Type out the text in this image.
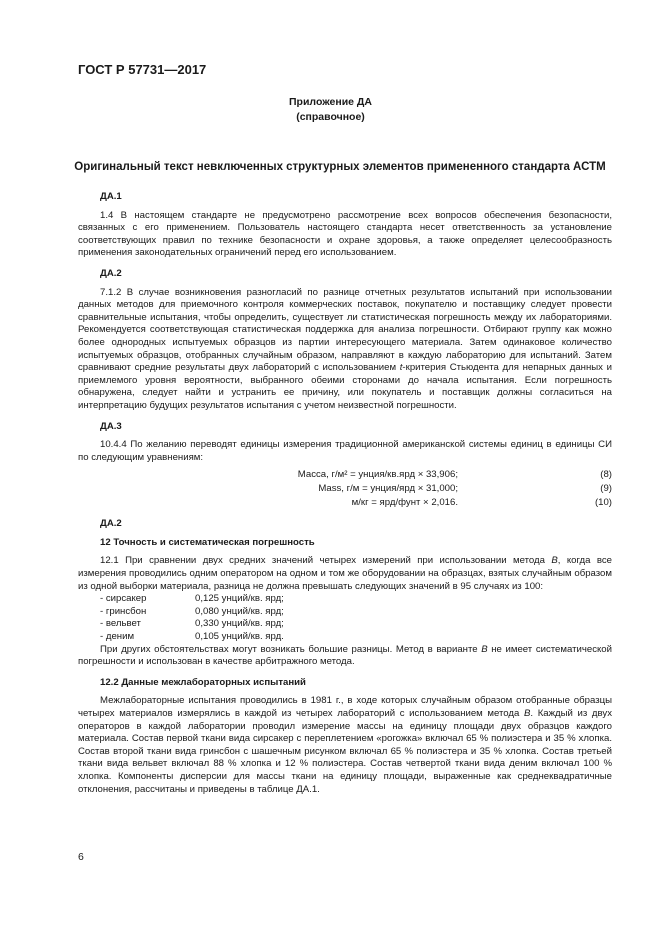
ГОСТ Р 57731—2017
Приложение ДА
(справочное)
Оригинальный текст невключенных структурных элементов примененного стандарта АСТМ

ДА.1

1.4 В настоящем стандарте не предусмотрено рассмотрение всех вопросов обеспечения безопасности, связанных с его применением. Пользователь настоящего стандарта несет ответственность за установление соответствующих правил по технике безопасности и охране здоровья, а также определяет целесообразность применения законодательных ограничений перед его использованием.

ДА.2

7.1.2 В случае возникновения разногласий по разнице отчетных результатов испытаний при использовании данных методов для приемочного контроля коммерческих поставок, покупателю и поставщику следует провести сравнительные испытания, чтобы определить, существует ли статистическая погрешность между их лабораториями. Рекомендуется соответствующая статистическая поддержка для анализа погрешности. Отбирают группу как можно более однородных испытуемых образцов из партии интересующего материала. Затем одинаковое количество испытуемых образцов, отобранных случайным образом, направляют в каждую лабораторию для испытаний. Затем сравнивают средние результаты двух лабораторий с использованием t-критерия Стьюдента для непарных данных и приемлемого уровня вероятности, выбранного обеими сторонами до начала испытания. Если погрешность обнаружена, следует найти и устранить ее причину, или покупатель и поставщик должны согласиться на интерпретацию будущих результатов испытания с учетом неизвестной погрешности.

ДА.3

10.4.4 По желанию переводят единицы измерения традиционной американской системы единиц в единицы СИ по следующим уравнениям:

Масса, г/м² = унция/кв.ярд × 33,906;	(8)
Mass, г/м = унция/ярд × 31,000;	(9)
м/кг = ярд/фунт × 2,016.	(10)

ДА.2

12 Точность и систематическая погрешность

12.1 При сравнении двух средних значений четырех измерений при использовании метода B, когда все измерения проводились одним оператором на одном и том же оборудовании на образцах, взятых случайным образом из одной выборки материала, разница не должна превышать следующих значений в 95 случаях из 100:

- сирсакер	0,125 унций/кв. ярд;
- гринсбон	0,080 унций/кв. ярд;
- вельвет	0,330 унций/кв. ярд;
- деним	0,105 унций/кв. ярд.

При других обстоятельствах могут возникать большие разницы. Метод в варианте B не имеет систематической погрешности и использован в качестве арбитражного метода.

12.2 Данные межлабораторных испытаний

Межлабораторные испытания проводились в 1981 г., в ходе которых случайным образом отобранные образцы четырех материалов измерялись в каждой из четырех лабораторий с использованием метода B. Каждый из двух операторов в каждой лаборатории проводил измерение массы на единицу площади двух образцов каждого материала. Состав первой ткани вида сирсакер с переплетением «рогожка» включал 65 % полиэстера и 35 % хлопка. Состав второй ткани вида гринсбон с шашечным рисунком включал 65 % полиэстера и 35 % хлопка. Состав третьей ткани вида вельвет включал 88 % хлопка и 12 % полиэстера. Состав четвертой ткани вида деним включал 100 % хлопка. Компоненты дисперсии для массы ткани на единицу площади, выраженные как среднеквадратичные отклонения, рассчитаны и приведены в таблице ДА.1.

6
